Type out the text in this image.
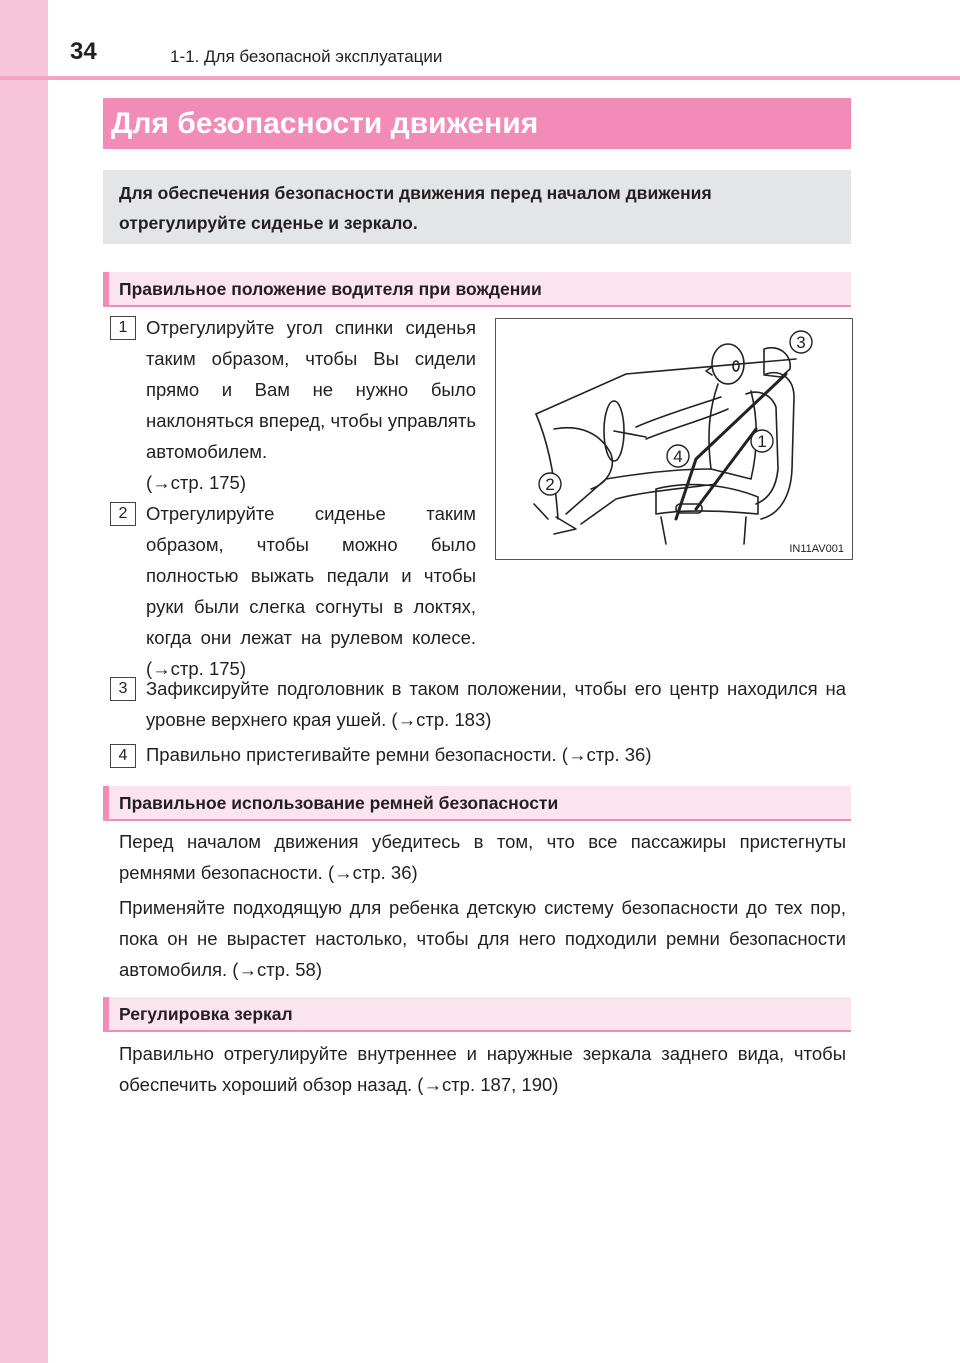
34	1-1. Для безопасной эксплуатации
Для безопасности движения
Для обеспечения безопасности движения перед началом движения отрегулируйте сиденье и зеркало.
Правильное положение водителя при вождении
1	Отрегулируйте угол спинки сиденья таким образом, чтобы Вы сидели прямо и Вам не нужно было наклоняться вперед, чтобы управлять автомобилем.
(→стр. 175)
2	Отрегулируйте сиденье таким образом, чтобы можно было полностью выжать педали и чтобы руки были слегка согнуты в локтях, когда они лежат на рулевом колесе. (→стр. 175)
3	Зафиксируйте подголовник в таком положении, чтобы его центр находился на уровне верхнего края ушей. (→стр. 183)
4	Правильно пристегивайте ремни безопасности. (→стр. 36)
3
1
4
2
IN11AV001
Правильное использование ремней безопасности
Перед началом движения убедитесь в том, что все пассажиры пристегнуты ремнями безопасности. (→стр. 36)
Применяйте подходящую для ребенка детскую систему безопасности до тех пор, пока он не вырастет настолько, чтобы для него подходили ремни безопасности автомобиля. (→стр. 58)
Регулировка зеркал
Правильно отрегулируйте внутреннее и наружные зеркала заднего вида, чтобы обеспечить хороший обзор назад. (→стр. 187, 190)
